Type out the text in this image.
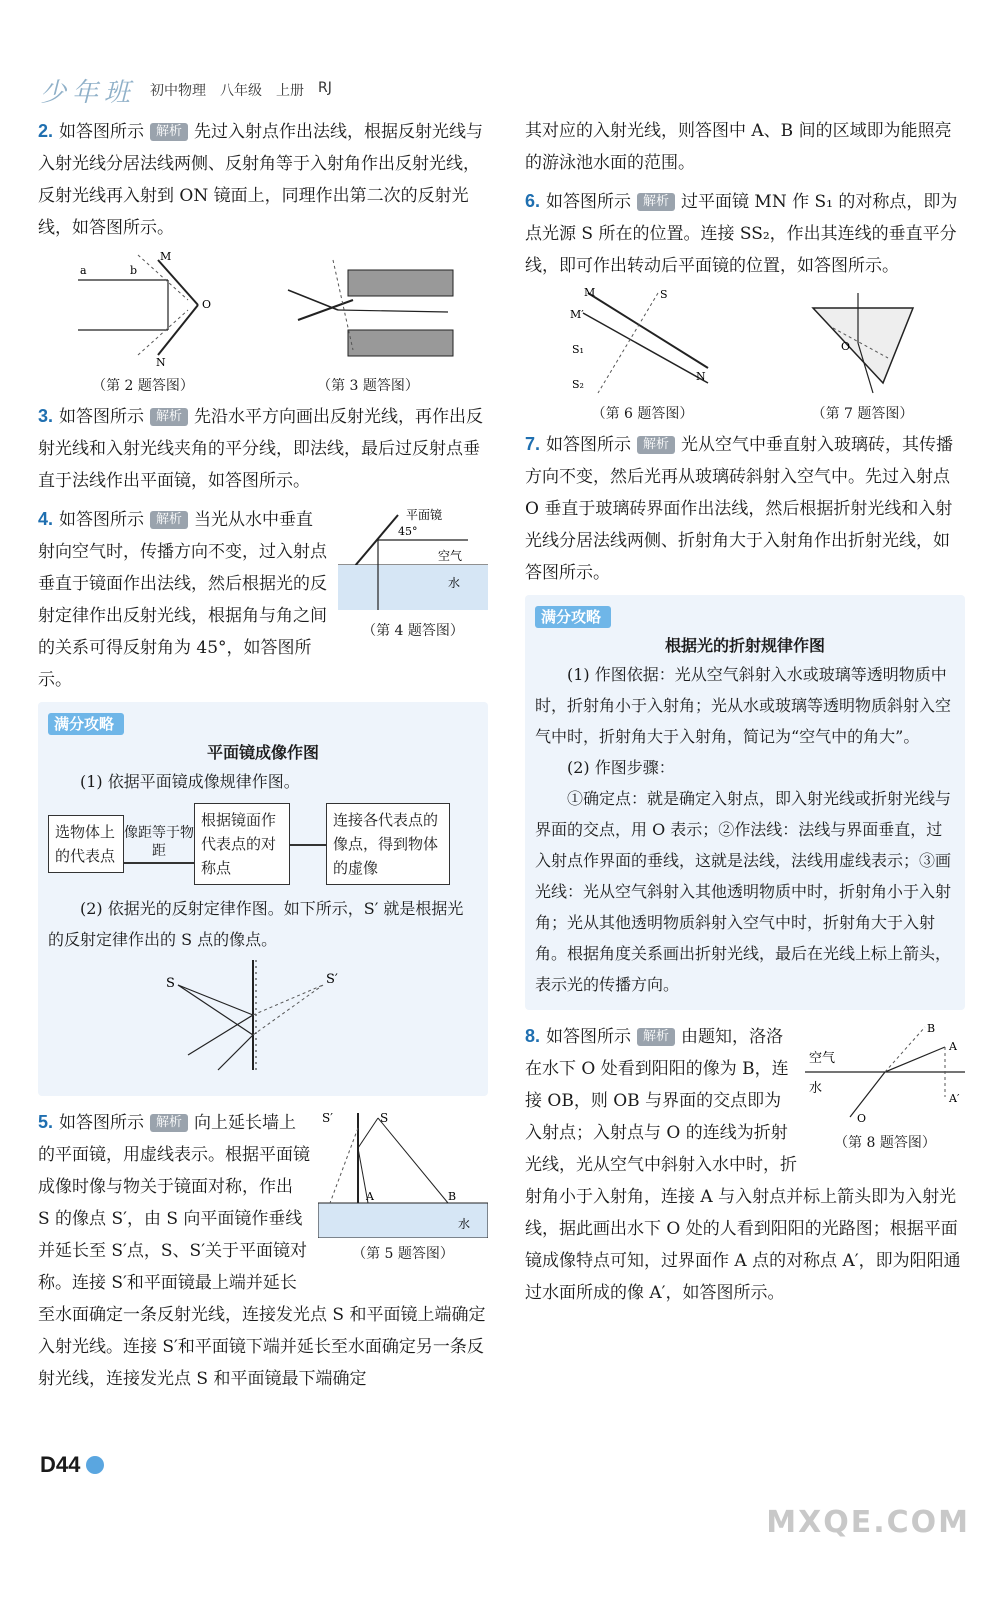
少年班 初中物理 八年级 上册 RJ
2. 如答图所示 解析 先过入射点作出法线，根据反射光线与入射光线分居法线两侧、反射角等于入射角作出反射光线，反射光线再入射到 ON 镜面上，同理作出第二次的反射光线，如答图所示。
a	b
M
O
N
（第 2 题答图）	（第 3 题答图）
3. 如答图所示 解析 先沿水平方向画出反射光线，再作出反射光线和入射光线夹角的平分线，即法线，最后过反射点垂直于法线作出平面镜，如答图所示。
平面镜
45°
空气
水
（第 4 题答图）
4. 如答图所示 解析 当光从水中垂直射向空气时，传播方向不变，过入射点垂直于镜面作出法线，然后根据光的反射定律作出反射光线，根据角与角之间的关系可得反射角为 45°，如答图所示。
满分攻略
平面镜成像作图

(1) 依据平面镜成像规律作图。

选物体上的代表点
像距等于物距
根据镜面作代表点的对称点
连接各代表点的像点，得到物体的虚像

(2) 依据光的反射定律作图。如下所示，S′ 就是根据光的反射定律作出的 S 点的像点。

S	S′
S′	S
A	B
水
（第 5 题答图）
5. 如答图所示 解析 向上延长墙上的平面镜，用虚线表示。根据平面镜成像时像与物关于镜面对称，作出 S 的像点 S′，由 S 向平面镜作垂线并延长至 S′点，S、S′关于平面镜对称。连接 S′和平面镜最上端并延长至水面确定一条反射光线，连接发光点 S 和平面镜上端确定入射光线。连接 S′和平面镜下端并延长至水面确定另一条反射光线，连接发光点 S 和平面镜最下端确定
其对应的入射光线，则答图中 A、B 间的区域即为能照亮的游泳池水面的范围。
6. 如答图所示 解析 过平面镜 MN 作 S₁ 的对称点，即为点光源 S 所在的位置。连接 SS₂，作出其连线的垂直平分线，即可作出转动后平面镜的位置，如答图所示。
M
M′
S
S₁
S₂
N
（第 6 题答图）
O
（第 7 题答图）
7. 如答图所示 解析 光从空气中垂直射入玻璃砖，其传播方向不变，然后光再从玻璃砖斜射入空气中。先过入射点 O 垂直于玻璃砖界面作出法线，然后根据折射光线和入射光线分居法线两侧、折射角大于入射角作出折射光线，如答图所示。
满分攻略
根据光的折射规律作图

(1) 作图依据：光从空气斜射入水或玻璃等透明物质中时，折射角小于入射角；光从水或玻璃等透明物质斜射入空气中时，折射角大于入射角，简记为“空气中的角大”。

(2) 作图步骤：

①确定点：就是确定入射点，即入射光线或折射光线与界面的交点，用 O 表示；②作法线：法线与界面垂直，过入射点作界面的垂线，这就是法线，法线用虚线表示；③画光线：光从空气斜射入其他透明物质中时，折射角小于入射角；光从其他透明物质斜射入空气中时，折射角大于入射角。根据角度关系画出折射光线，最后在光线上标上箭头，表示光的传播方向。

B
A
A′
O
空气
水
（第 8 题答图）
8. 如答图所示 解析 由题知，洛洛在水下 O 处看到阳阳的像为 B，连接 OB，则 OB 与界面的交点即为入射点；入射点与 O 的连线为折射光线，光从空气中斜射入水中时，折射角小于入射角，连接 A 与入射点并标上箭头即为入射光线，据此画出水下 O 处的人看到阳阳的光路图；根据平面镜成像特点可知，过界面作 A 点的对称点 A′，即为阳阳通过水面所成的像 A′，如答图所示。
D44
MXQE.COM
